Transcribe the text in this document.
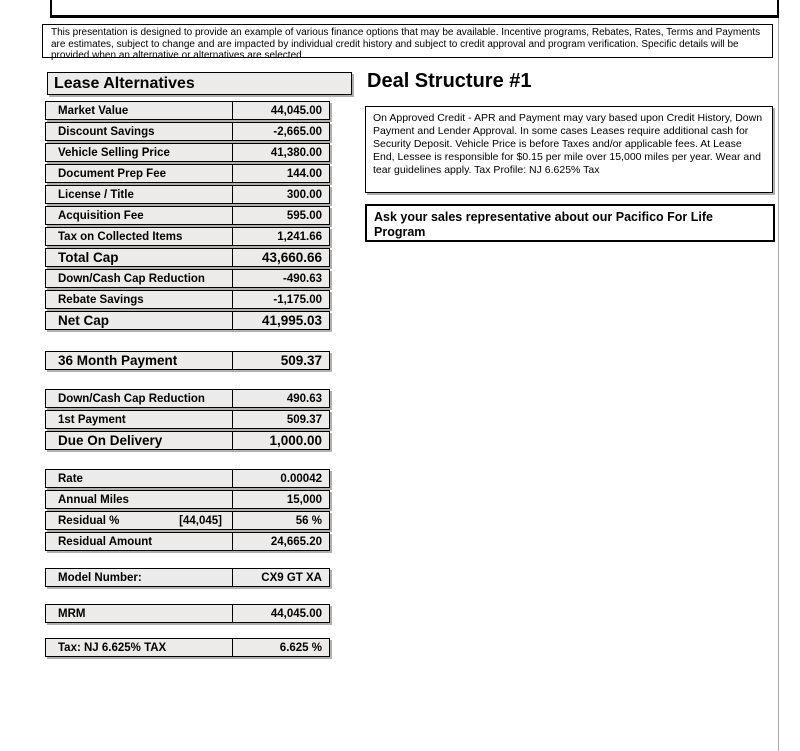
This presentation is designed to provide an example of various finance options that may be available. Incentive programs, Rebates, Rates, Terms and Payments are estimates, subject to change and are impacted by individual credit history and subject to credit approval and program verification. Specific details will be provided when an alternative or alternatives are selected.
Lease Alternatives
Market Value	44,045.00
Discount Savings	-2,665.00
Vehicle Selling Price	41,380.00
Document Prep Fee	144.00
License / Title	300.00
Acquisition Fee	595.00
Tax on Collected Items	1,241.66
Total Cap	43,660.66
Down/Cash Cap Reduction	-490.63
Rebate Savings	-1,175.00
Net Cap	41,995.03
36 Month Payment	509.37
Down/Cash Cap Reduction	490.63
1st Payment	509.37
Due On Delivery	1,000.00
Rate	0.00042
Annual Miles	15,000
Residual %	[44,045]	56 %
Residual Amount	24,665.20
Model Number:	CX9 GT XA
MRM	44,045.00
Tax: NJ 6.625% TAX	6.625 %
Deal Structure #1
On Approved Credit - APR and Payment may vary based upon Credit History, Down Payment and Lender Approval. In some cases Leases require additional cash for Security Deposit. Vehicle Price is before Taxes and/or applicable fees. At Lease End, Lessee is responsible for $0.15 per mile over 15,000 miles per year. Wear and tear guidelines apply. Tax Profile: NJ 6.625% Tax
Ask your sales representative about our Pacifico For Life Program
